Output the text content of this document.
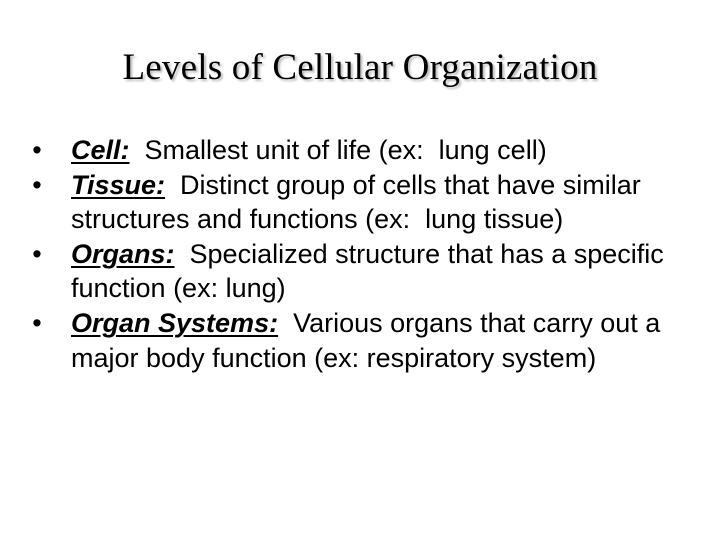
Levels of Cellular Organization
• Cell:  Smallest unit of life (ex:  lung cell)
• Tissue:  Distinct group of cells that have similar structures and functions (ex:  lung tissue)
• Organs:  Specialized structure that has a specific function (ex: lung)
• Organ Systems:  Various organs that carry out a major body function (ex: respiratory system)
